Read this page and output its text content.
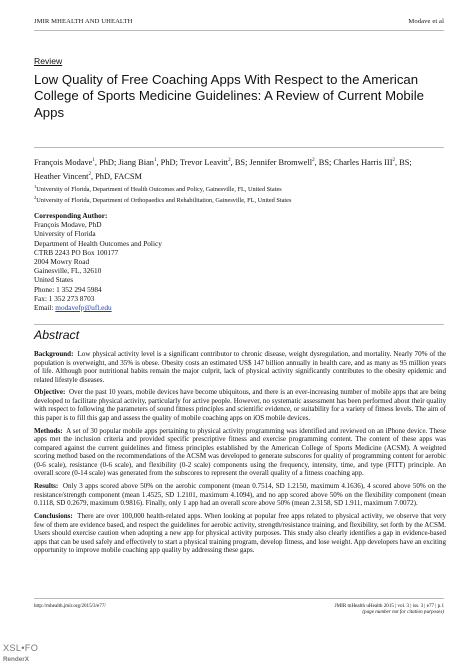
JMIR MHEALTH AND UHEALTH	Modave et al
Review
Low Quality of Free Coaching Apps With Respect to the American College of Sports Medicine Guidelines: A Review of Current Mobile Apps
François Modave$^1$, PhD; Jiang Bian$^1$, PhD; Trevor Leavitt$^2$, BS; Jennifer Bromwell$^2$, BS; Charles Harris III$^2$, BS;
Heather Vincent$^2$, PhD, FACSM
$^1$University of Florida, Department of Health Outcomes and Policy, Gainesville, FL, United States
$^2$University of Florida, Department of Orthopaedics and Rehabilitation, Gainesville, FL, United States
Corresponding Author:
François Modave, PhD
University of Florida
Department of Health Outcomes and Policy
CTRB 2243 PO Box 100177
2004 Mowry Road
Gainesville, FL, 32610
United States
Phone: 1 352 294 5984
Fax: 1 352 273 8703
Email: modavefp@ufl.edu
Abstract

Background: Low physical activity level is a significant contributor to chronic disease, weight dysregulation, and mortality. Nearly 70% of the population is overweight, and 35% is obese. Obesity costs an estimated US$ 147 billion annually in health care, and as many as 95 million years of life. Although poor nutritional habits remain the major culprit, lack of physical activity significantly contributes to the obesity epidemic and related lifestyle diseases.

Objective: Over the past 10 years, mobile devices have become ubiquitous, and there is an ever-increasing number of mobile apps that are being developed to facilitate physical activity, particularly for active people. However, no systematic assessment has been performed about their quality with respect to following the parameters of sound fitness principles and scientific evidence, or suitability for a variety of fitness levels. The aim of this paper is to fill this gap and assess the quality of mobile coaching apps on iOS mobile devices.

Methods: A set of 30 popular mobile apps pertaining to physical activity programming was identified and reviewed on an iPhone device. These apps met the inclusion criteria and provided specific prescriptive fitness and exercise programming content. The content of these apps was compared against the current guidelines and fitness principles established by the American College of Sports Medicine (ACSM). A weighted scoring method based on the recommendations of the ACSM was developed to generate subscores for quality of programming content for aerobic (0-6 scale), resistance (0-6 scale), and flexibility (0-2 scale) components using the frequency, intensity, time, and type (FITT) principle. An overall score (0-14 scale) was generated from the subscores to represent the overall quality of a fitness coaching app.

Results: Only 3 apps scored above 50% on the aerobic component (mean 0.7514, SD 1.2150, maximum 4.1636), 4 scored above 50% on the resistance/strength component (mean 1.4525, SD 1.2101, maximum 4.1094), and no app scored above 50% on the flexibility component (mean 0.1118, SD 0.2679, maximum 0.9816). Finally, only 1 app had an overall score above 50% (mean 2.3158, SD 1.911, maximum 7.0072).

Conclusions: There are over 100,000 health-related apps. When looking at popular free apps related to physical activity, we observe that very few of them are evidence based, and respect the guidelines for aerobic activity, strength/resistance training, and flexibility, set forth by the ACSM. Users should exercise caution when adopting a new app for physical activity purposes. This study also clearly identifies a gap in evidence-based apps that can be used safely and effectively to start a physical training program, develop fitness, and lose weight. App developers have an exciting opportunity to improve mobile coaching app quality by addressing these gaps.

http://mhealth.jmir.org/2015/3/e77/	JMIR mHealth uHealth 2015 | vol. 3 | iss. 3 | e77 | p.1
(page number not for citation purposes)
XSL•FO
RenderX
